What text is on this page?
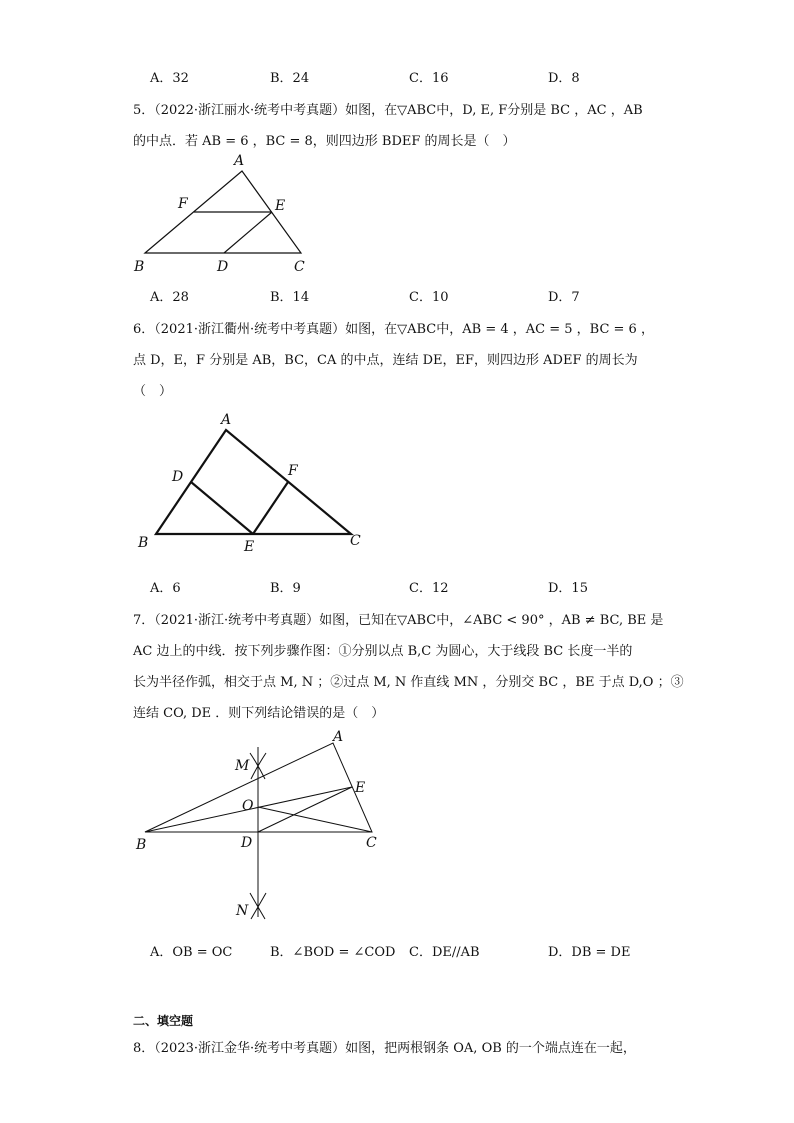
A．32	B．24	C．16	D．8
5．（2022·浙江丽水·统考中考真题）如图，在▽ABC中，D, E, F分别是 BC ，AC ，AB
的中点．若 AB = 6 ，BC = 8，则四边形 BDEF 的周长是（　）
A
F	E
B	D	C
A．28	B．14	C．10	D．7
6．（2021·浙江衢州·统考中考真题）如图，在▽ABC中，AB = 4 ，AC = 5 ，BC = 6 ，
点 D，E，F 分别是 AB，BC，CA 的中点，连结 DE，EF，则四边形 ADEF 的周长为
（　）
A
D	F
B	E	C
A．6	B．9	C．12	D．15
7．（2021·浙江·统考中考真题）如图，已知在▽ABC中，∠ABC < 90° ，AB ≠ BC, BE 是
AC 边上的中线．按下列步骤作图：①分别以点 B,C 为圆心，大于线段 BC 长度一半的
长为半径作弧，相交于点 M, N ；②过点 M, N 作直线 MN ，分别交 BC ，BE 于点 D,O ；③
连结 CO, DE ．则下列结论错误的是（　）
A
M
E
O
B	D	C
N
A．OB = OC	B．∠BOD = ∠COD C．DE//AB	D．DB = DE
二、填空题
8．（2023·浙江金华·统考中考真题）如图，把两根钢条 OA, OB 的一个端点连在一起，
